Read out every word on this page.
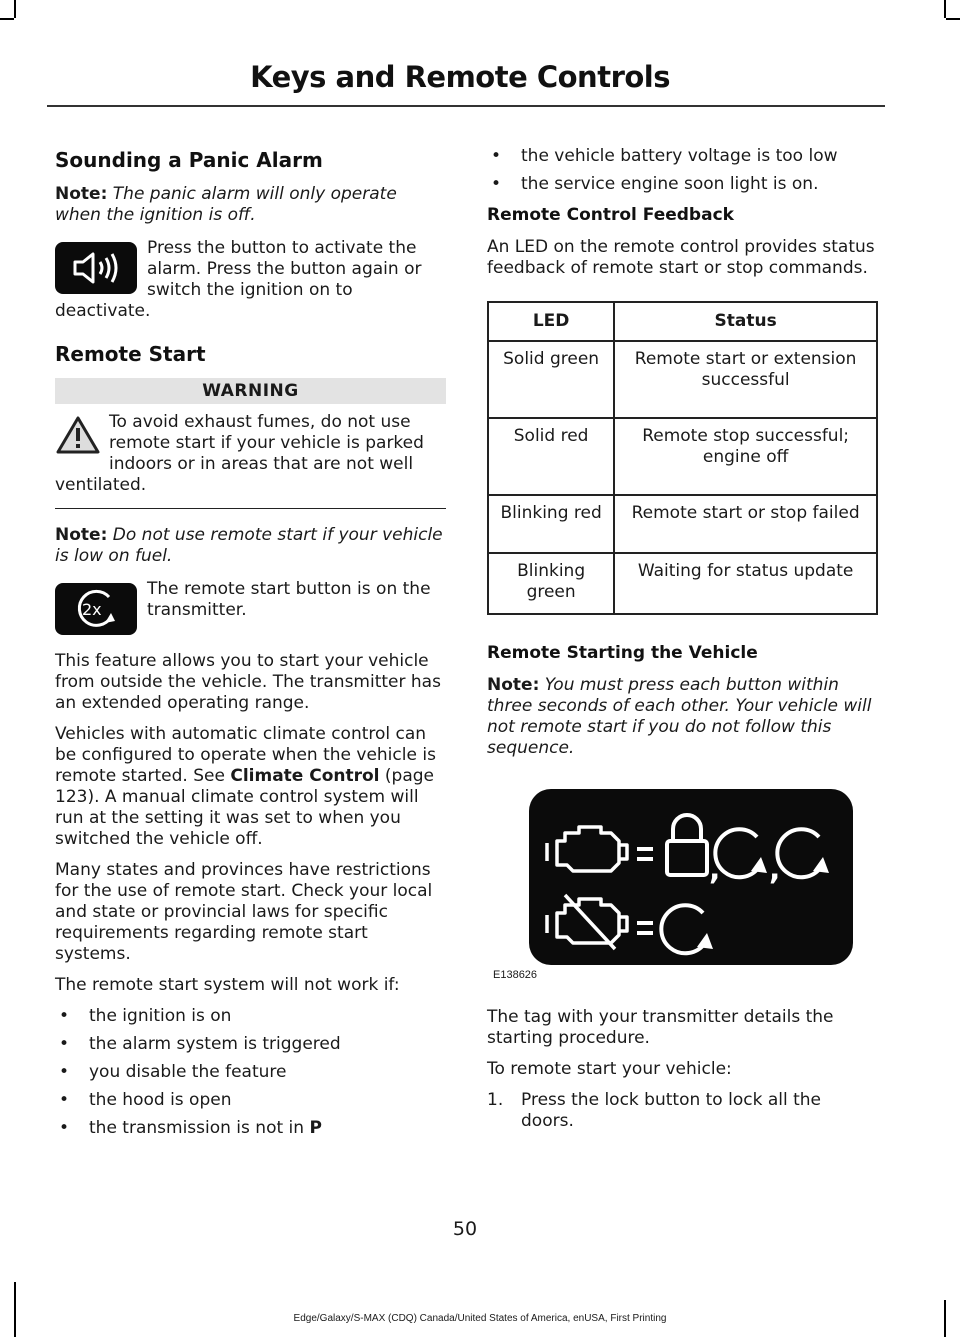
Keys and Remote Controls
Sounding a Panic Alarm

Note: The panic alarm will only operate when the ignition is off.

Press the button to activate the alarm. Press the button again or switch the ignition on to deactivate.

Remote Start
WARNING

To avoid exhaust fumes, do not use remote start if your vehicle is parked indoors or in areas that are not well ventilated.

Note: Do not use remote start if your vehicle is low on fuel.

2x

The remote start button is on the transmitter.

This feature allows you to start your vehicle from outside the vehicle. The transmitter has an extended operating range.

Vehicles with automatic climate control can be configured to operate when the vehicle is remote started. See Climate Control (page 123). A manual climate control system will run at the setting it was set to when you switched the vehicle off.

Many states and provinces have restrictions for the use of remote start. Check your local and state or provincial laws for specific requirements regarding remote start systems.

The remote start system will not work if:

• the ignition is on
• the alarm system is triggered
• you disable the feature
• the hood is open
• the transmission is not in P
• the vehicle battery voltage is too low
• the service engine soon light is on.
Remote Control Feedback

An LED on the remote control provides status feedback of remote start or stop commands.

LED	Status
Solid green	Remote start or extension successful
Solid red	Remote stop successful; engine off
Blinking red	Remote start or stop failed
Blinking green	Waiting for status update
Remote Starting the Vehicle

Note: You must press each button within three seconds of each other. Your vehicle will not remote start if you do not follow this sequence.

, ,
E138626

The tag with your transmitter details the starting procedure.

To remote start your vehicle:

1. Press the lock button to lock all the doors.
50
Edge/Galaxy/S-MAX (CDQ) Canada/United States of America, enUSA, First Printing
